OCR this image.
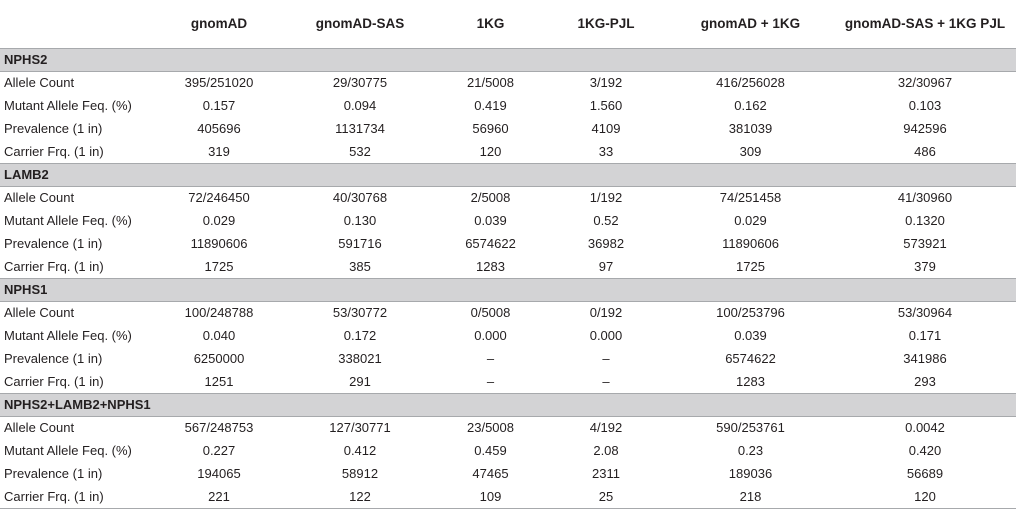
	gnomAD	gnomAD-SAS	1KG	1KG-PJL	gnomAD + 1KG	gnomAD-SAS + 1KG PJL
NPHS2						
Allele Count	395/251020	29/30775	21/5008	3/192	416/256028	32/30967
Mutant Allele Feq. (%)	0.157	0.094	0.419	1.560	0.162	0.103
Prevalence (1 in)	405696	1131734	56960	4109	381039	942596
Carrier Frq. (1 in)	319	532	120	33	309	486
LAMB2						
Allele Count	72/246450	40/30768	2/5008	1/192	74/251458	41/30960
Mutant Allele Feq. (%)	0.029	0.130	0.039	0.52	0.029	0.1320
Prevalence (1 in)	11890606	591716	6574622	36982	11890606	573921
Carrier Frq. (1 in)	1725	385	1283	97	1725	379
NPHS1						
Allele Count	100/248788	53/30772	0/5008	0/192	100/253796	53/30964
Mutant Allele Feq. (%)	0.040	0.172	0.000	0.000	0.039	0.171
Prevalence (1 in)	6250000	338021	–	–	6574622	341986
Carrier Frq. (1 in)	1251	291	–	–	1283	293
NPHS2+LAMB2+NPHS1						
Allele Count	567/248753	127/30771	23/5008	4/192	590/253761	0.0042
Mutant Allele Feq. (%)	0.227	0.412	0.459	2.08	0.23	0.420
Prevalence (1 in)	194065	58912	47465	2311	189036	56689
Carrier Frq. (1 in)	221	122	109	25	218	120
